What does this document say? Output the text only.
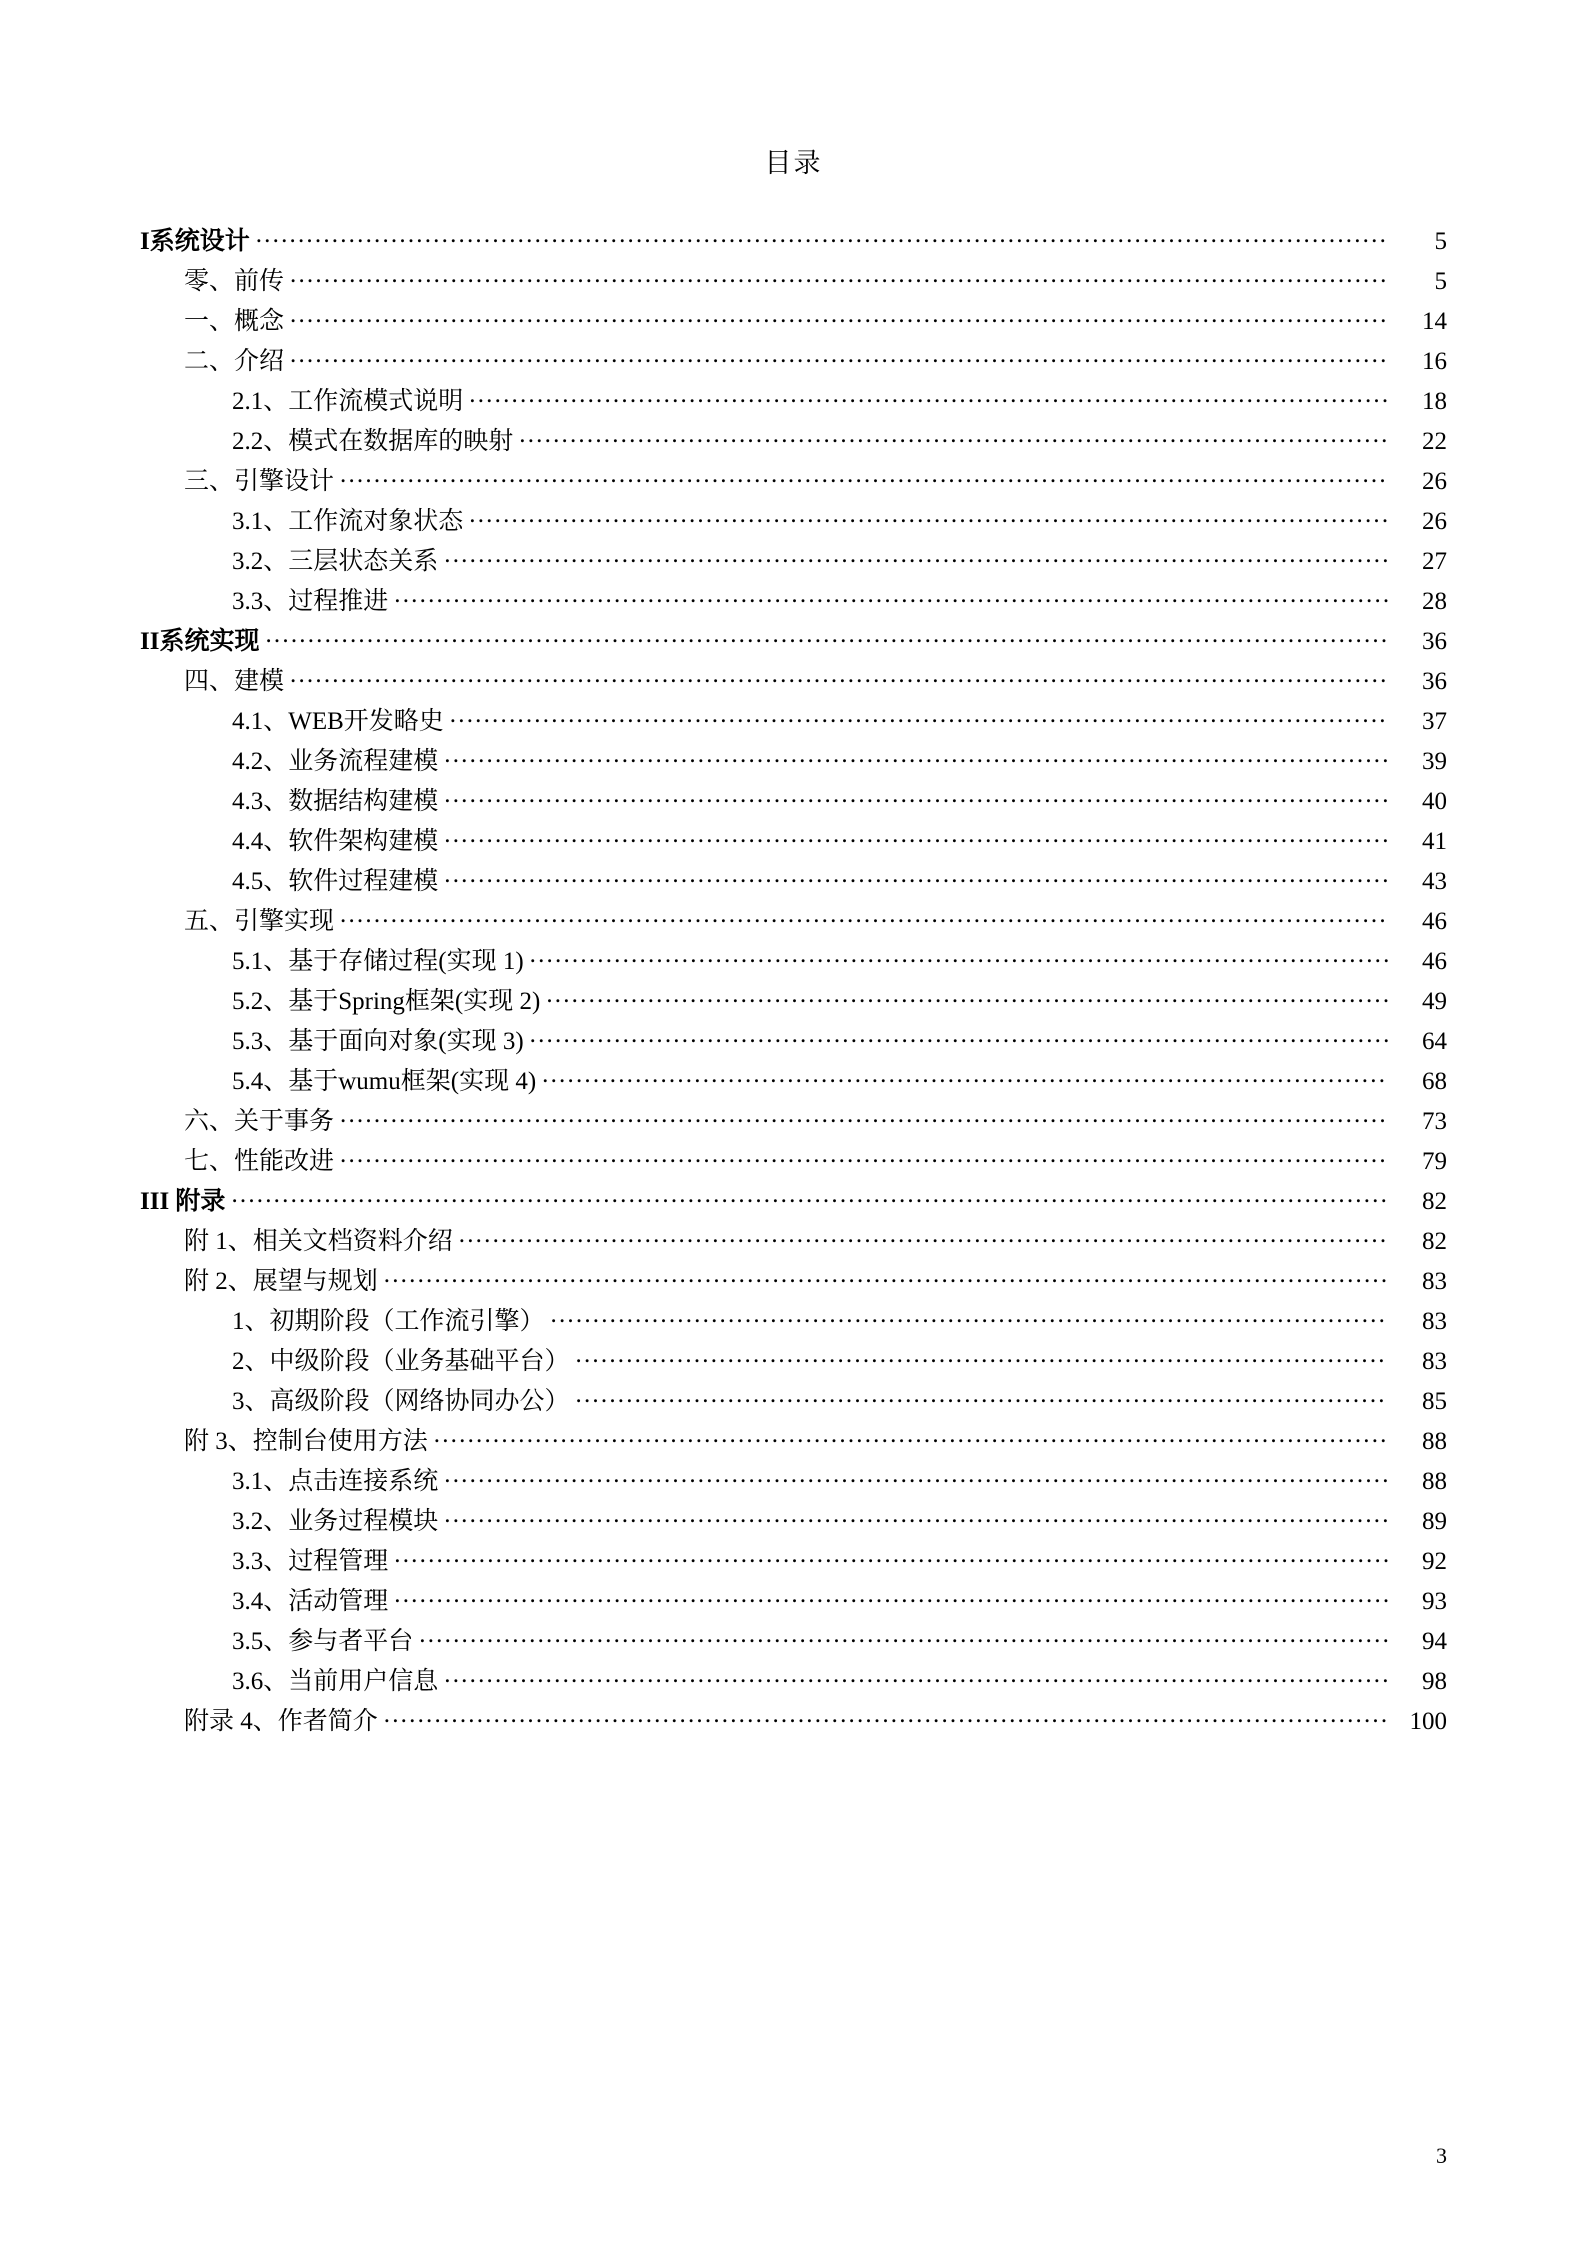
目录
I系统设计 .....	5
零、前传 .....	5
一、概念 .....	14
二、介绍 .....	16
2.1、工作流模式说明 .....	18
2.2、模式在数据库的映射 .....	22
三、引擎设计 .....	26
3.1、工作流对象状态 .....	26
3.2、三层状态关系 .....	27
3.3、过程推进 .....	28
II系统实现 .....	36
四、建模 .....	36
4.1、WEB开发略史 .....	37
4.2、业务流程建模 .....	39
4.3、数据结构建模 .....	40
4.4、软件架构建模 .....	41
4.5、软件过程建模 .....	43
五、引擎实现 .....	46
5.1、基于存储过程(实现 1) .....	46
5.2、基于Spring框架(实现 2) .....	49
5.3、基于面向对象(实现 3) .....	64
5.4、基于wumu框架(实现 4) .....	68
六、关于事务 .....	73
七、性能改进 .....	79
III 附录 .....	82
附 1、相关文档资料介绍 .....	82
附 2、展望与规划 .....	83
1、初期阶段（工作流引擎） .....	83
2、中级阶段（业务基础平台） .....	83
3、高级阶段（网络协同办公） .....	85
附 3、控制台使用方法 .....	88
3.1、点击连接系统 .....	88
3.2、业务过程模块 .....	89
3.3、过程管理 .....	92
3.4、活动管理 .....	93
3.5、参与者平台 .....	94
3.6、当前用户信息 .....	98
附录 4、作者简介 .....	100
3
